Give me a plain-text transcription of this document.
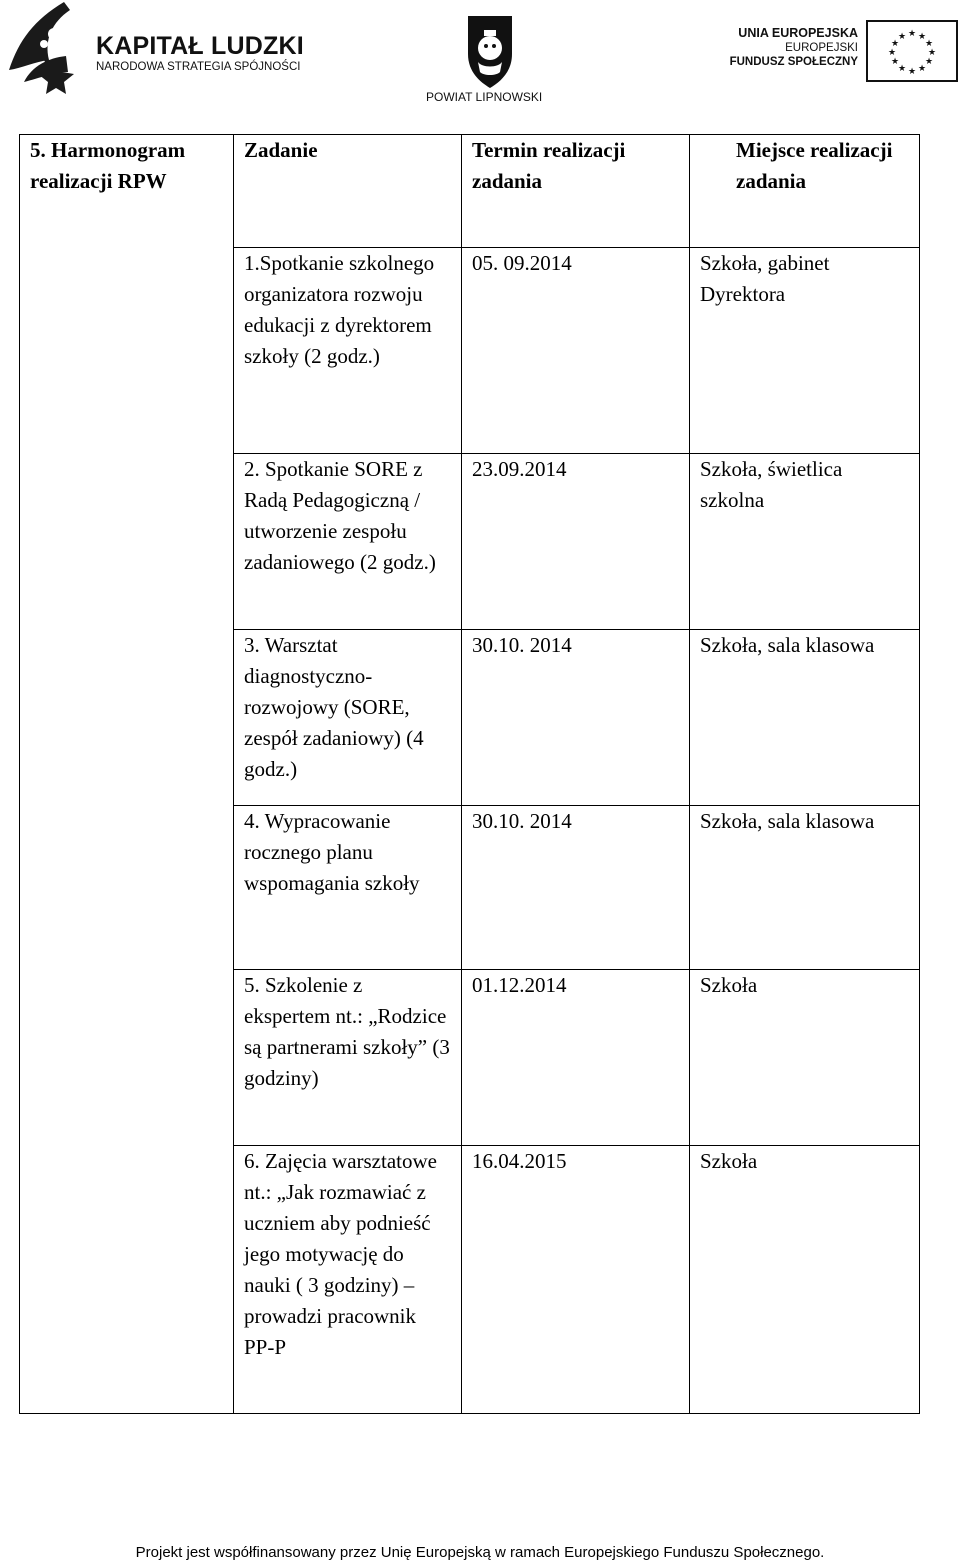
KAPITAŁ LUDZKI
NARODOWA STRATEGIA SPÓJNOŚCI
POWIAT LIPNOWSKI
UNIA EUROPEJSKA
EUROPEJSKI
FUNDUSZ SPOŁECZNY
★ ★
★
★
★
★
★
★
★
★
★
★
5. Harmonogram realizacji RPW	Zadanie	Termin realizacji zadania	Miejsce realizacji zadania
	1.Spotkanie szkolnego organizatora rozwoju edukacji z dyrektorem szkoły (2 godz.)	05. 09.2014	Szkoła, gabinet Dyrektora
	2. Spotkanie SORE z Radą Pedagogiczną / utworzenie zespołu zadaniowego (2 godz.)	23.09.2014	Szkoła, świetlica szkolna
	3. Warsztat diagnostyczno-rozwojowy (SORE, zespół zadaniowy) (4 godz.)	30.10. 2014	Szkoła, sala klasowa
	4. Wypracowanie rocznego planu wspomagania szkoły	30.10. 2014	Szkoła, sala klasowa
	5. Szkolenie z ekspertem nt.: „Rodzice są partnerami szkoły” (3 godziny)	01.12.2014	Szkoła
	6. Zajęcia warsztatowe nt.: „Jak rozmawiać z uczniem aby podnieść jego motywację do nauki ( 3 godziny) – prowadzi pracownik PP-P	16.04.2015	Szkoła
Projekt jest współfinansowany przez Unię Europejską w ramach Europejskiego Funduszu Społecznego.
